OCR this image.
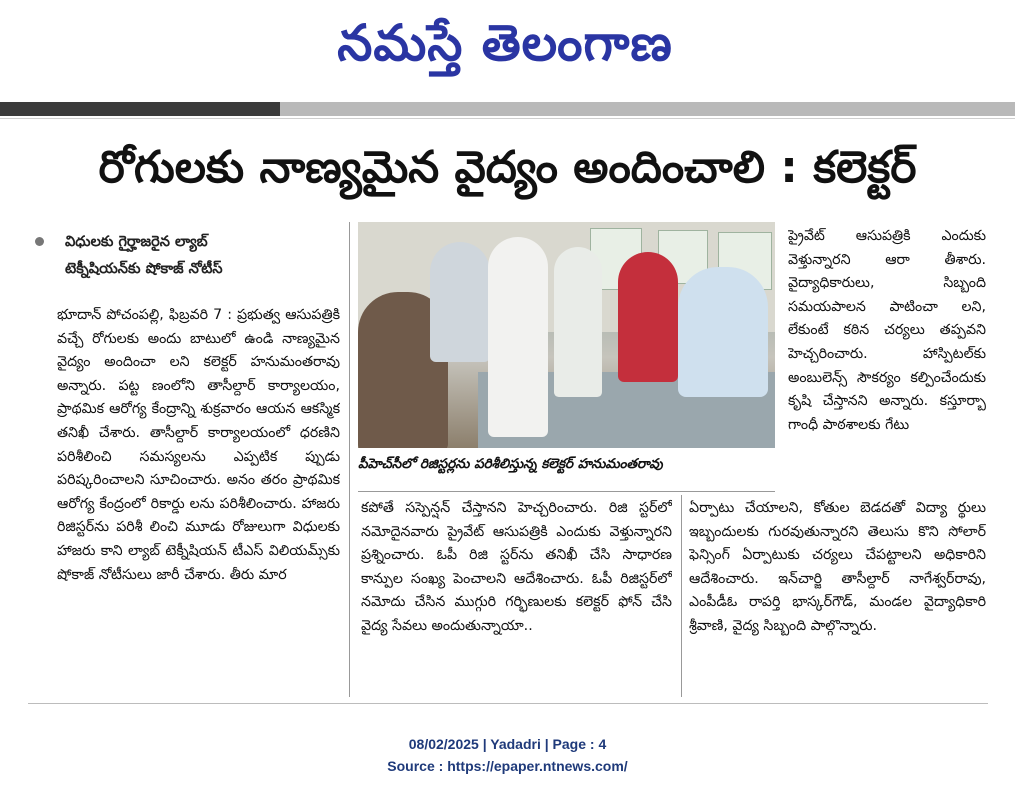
నమస్తే తెలంగాణ
రోగులకు నాణ్యమైన వైద్యం అందించాలి : కలెక్టర్
విధులకు గైర్హాజరైన ల్యాబ్
టెక్నీషియన్‌కు షోకాజ్ నోటీస్

భూదాన్ పోచంపల్లి, ఫిబ్రవరి 7 : ప్రభుత్వ ఆసుపత్రికి వచ్చే రోగులకు అందు బాటులో ఉండి నాణ్యమైన వైద్యం అందించా లని కలెక్టర్ హనుమంతరావు అన్నారు. పట్ట ణంలోని తాసీల్దార్ కార్యాలయం, ప్రాథమిక ఆరోగ్య కేంద్రాన్ని శుక్రవారం ఆయన ఆకస్మిక తనిఖీ చేశారు. తాసీల్దార్ కార్యాలయంలో ధరణిని పరిశీలించి సమస్యలను ఎప్పటిక ప్పుడు పరిష్కరించాలని సూచించారు. అనం తరం ప్రాథమిక ఆరోగ్య కేంద్రంలో రికార్డు లను పరిశీలించారు. హాజరు రిజిస్టర్‌ను పరిశీ లించి మూడు రోజులుగా విధులకు హాజరు కాని ల్యాబ్ టెక్నీషియన్ టీఎస్ విలియమ్స్‌కు షోకాజ్ నోటీసులు జారీ చేశారు. తీరు మార

పీహెచ్‌సీలో రిజిస్టర్లను పరిశీలిస్తున్న కలెక్టర్ హనుమంతరావు

కపోతే సస్పెన్షన్ చేస్తానని హెచ్చరించారు. రిజి స్టర్‌లో నమోదైనవారు ప్రైవేట్ ఆసుపత్రికి ఎందుకు వెళ్తున్నారని ప్రశ్నించారు. ఓపీ రిజి స్టర్‌ను తనిఖీ చేసి సాధారణ కాన్పుల సంఖ్య పెంచాలని ఆదేశించారు. ఓపీ రిజిస్టర్‌లో నమోదు చేసిన ముగ్గురి గర్భిణులకు కలెక్టర్ ఫోన్ చేసి వైద్య సేవలు అందుతున్నాయా..

ప్రైవేట్ ఆసుపత్రికి ఎందుకు వెళ్తున్నారని ఆరా తీశారు. వైద్యాధికారులు, సిబ్బంది సమయపాలన పాటించా లని, లేకుంటే కఠిన చర్యలు తప్పవని హెచ్చరించారు. హాస్పిటల్‌కు అంబులెన్స్ సౌకర్యం కల్పించేందుకు కృషి చేస్తానని అన్నారు. కస్తూర్బా గాంధీ పాఠశాలకు గేటు

ఏర్పాటు చేయాలని, కోతుల బెడదతో విద్యా ర్థులు ఇబ్బందులకు గురవుతున్నారని తెలుసు కొని సోలార్ ఫెన్సింగ్ ఏర్పాటుకు చర్యలు చేపట్టాలని అధికారిని ఆదేశించారు. ఇన్‌చార్జి తాసీల్దార్ నాగేశ్వర్‌రావు, ఎంపీడీఓ రాపర్తి భాస్కర్‌గౌడ్, మండల వైద్యాధికారి శ్రీవాణి, వైద్య సిబ్బంది పాల్గొన్నారు.

08/02/2025 | Yadadri | Page : 4
Source : https://epaper.ntnews.com/
